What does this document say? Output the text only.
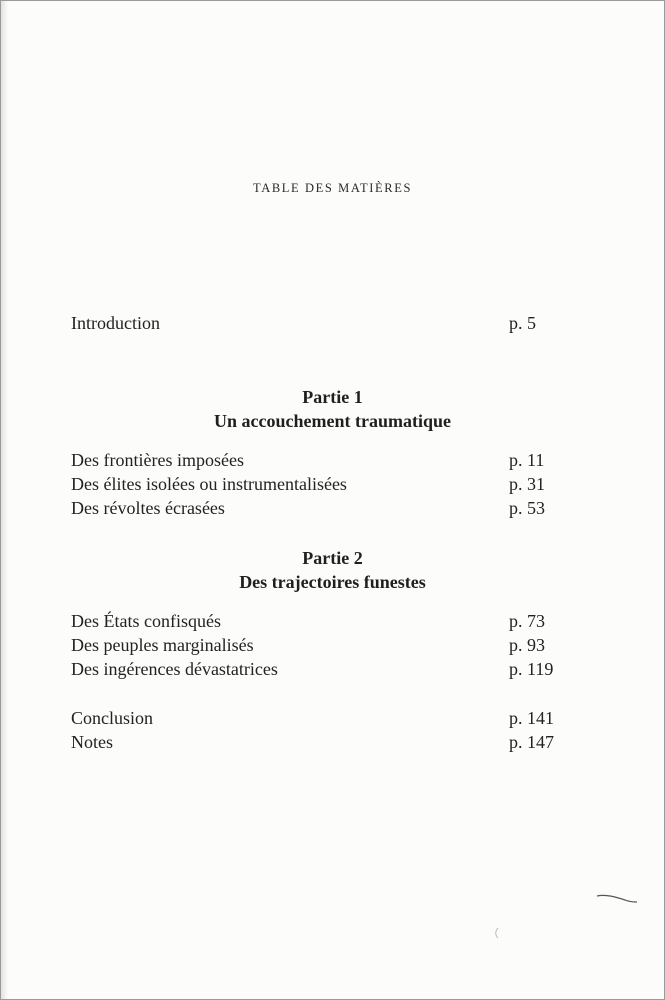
TABLE DES MATIÈRES
Introduction	p. 5
Partie 1
Un accouchement traumatique
Des frontières imposées	p. 11
Des élites isolées ou instrumentalisées	p. 31
Des révoltes écrasées	p. 53
Partie 2
Des trajectoires funestes
Des États confisqués	p. 73
Des peuples marginalisés	p. 93
Des ingérences dévastatrices	p. 119
Conclusion	p. 141
Notes	p. 147
